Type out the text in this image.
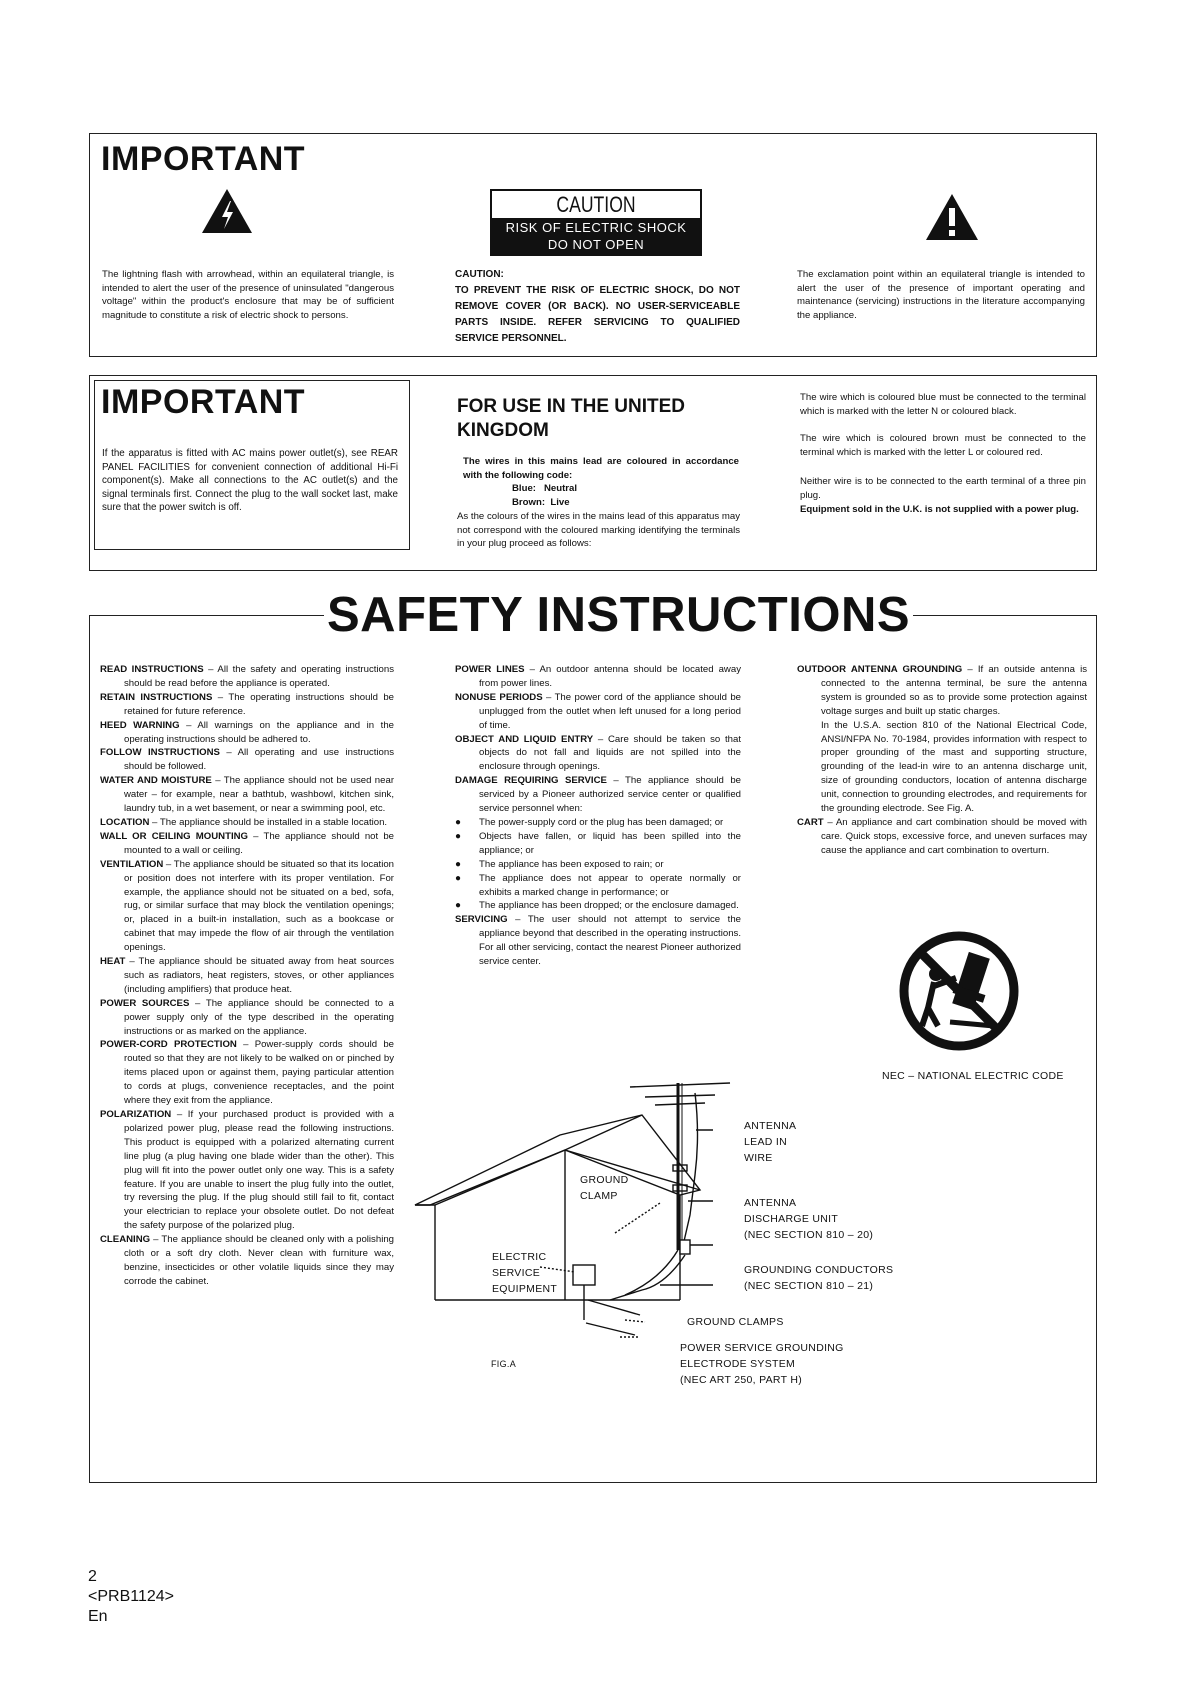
IMPORTANT

The lightning flash with arrowhead, within an equilateral triangle, is intended to alert the user of the presence of uninsulated "dangerous voltage" within the product's enclosure that may be of sufficient magnitude to constitute a risk of electric shock to persons.

CAUTION
RISK OF ELECTRIC SHOCK
DO NOT OPEN

CAUTION:

TO PREVENT THE RISK OF ELECTRIC SHOCK, DO NOT REMOVE COVER (OR BACK). NO USER-SERVICEABLE PARTS INSIDE. REFER SERVICING TO QUALIFIED SERVICE PERSONNEL.

The exclamation point within an equilateral triangle is intended to alert the user of the presence of important operating and maintenance (servicing) instructions in the literature accompanying the appliance.

IMPORTANT

If the apparatus is fitted with AC mains power outlet(s), see REAR PANEL FACILITIES for convenient connection of additional Hi-Fi component(s). Make all connections to the AC outlet(s) and the signal terminals first. Connect the plug to the wall socket last, make sure that the power switch is off.

FOR USE IN THE UNITED KINGDOM

The wires in this mains lead are coloured in accordance with the following code:

Blue:   Neutral

Brown:  Live

As the colours of the wires in the mains lead of this apparatus may not correspond with the coloured marking identifying the terminals in your plug proceed as follows:

The wire which is coloured blue must be connected to the terminal which is marked with the letter N or coloured black.

The wire which is coloured brown must be connected to the terminal which is marked with the letter L or coloured red.

Neither wire is to be connected to the earth terminal of a three pin plug.

Equipment sold in the U.K. is not supplied with a power plug.

SAFETY INSTRUCTIONS

READ INSTRUCTIONS – All the safety and operating instructions should be read before the appliance is operated.

RETAIN INSTRUCTIONS – The operating instructions should be retained for future reference.

HEED WARNING – All warnings on the appliance and in the operating instructions should be adhered to.

FOLLOW INSTRUCTIONS – All operating and use instructions should be followed.

WATER AND MOISTURE – The appliance should not be used near water – for example, near a bathtub, washbowl, kitchen sink, laundry tub, in a wet basement, or near a swimming pool, etc.

LOCATION – The appliance should be installed in a stable location.

WALL OR CEILING MOUNTING – The appliance should not be mounted to a wall or ceiling.

VENTILATION – The appliance should be situated so that its location or position does not interfere with its proper ventilation. For example, the appliance should not be situated on a bed, sofa, rug, or similar surface that may block the ventilation openings; or, placed in a built-in installation, such as a bookcase or cabinet that may impede the flow of air through the ventilation openings.

HEAT – The appliance should be situated away from heat sources such as radiators, heat registers, stoves, or other appliances (including amplifiers) that produce heat.

POWER SOURCES – The appliance should be connected to a power supply only of the type described in the operating instructions or as marked on the appliance.

POWER-CORD PROTECTION – Power-supply cords should be routed so that they are not likely to be walked on or pinched by items placed upon or against them, paying particular attention to cords at plugs, convenience receptacles, and the point where they exit from the appliance.

POLARIZATION – If your purchased product is provided with a polarized power plug, please read the following instructions. This product is equipped with a polarized alternating current line plug (a plug having one blade wider than the other). This plug will fit into the power outlet only one way. This is a safety feature. If you are unable to insert the plug fully into the outlet, try reversing the plug. If the plug should still fail to fit, contact your electrician to replace your obsolete outlet. Do not defeat the safety purpose of the polarized plug.

CLEANING – The appliance should be cleaned only with a polishing cloth or a soft dry cloth. Never clean with furniture wax, benzine, insecticides or other volatile liquids since they may corrode the cabinet.

POWER LINES – An outdoor antenna should be located away from power lines.

NONUSE PERIODS – The power cord of the appliance should be unplugged from the outlet when left unused for a long period of time.

OBJECT AND LIQUID ENTRY – Care should be taken so that objects do not fall and liquids are not spilled into the enclosure through openings.

DAMAGE REQUIRING SERVICE – The appliance should be serviced by a Pioneer authorized service center or qualified service personnel when:

● The power-supply cord or the plug has been damaged; or

● Objects have fallen, or liquid has been spilled into the appliance; or

● The appliance has been exposed to rain; or

● The appliance does not appear to operate normally or exhibits a marked change in performance; or

● The appliance has been dropped; or the enclosure damaged.

SERVICING – The user should not attempt to service the appliance beyond that described in the operating instructions. For all other servicing, contact the nearest Pioneer authorized service center.

OUTDOOR ANTENNA GROUNDING – If an outside antenna is connected to the antenna terminal, be sure the antenna system is grounded so as to provide some protection against voltage surges and built up static charges.

In the U.S.A. section 810 of the National Electrical Code, ANSI/NFPA No. 70-1984, provides information with respect to proper grounding of the mast and supporting structure, grounding of the lead-in wire to an antenna discharge unit, size of grounding conductors, location of antenna discharge unit, connection to grounding electrodes, and requirements for the grounding electrode. See Fig. A.

CART – An appliance and cart combination should be moved with care. Quick stops, excessive force, and uneven surfaces may cause the appliance and cart combination to overturn.

NEC – NATIONAL ELECTRIC CODE

ANTENNA
LEAD IN
WIRE
GROUND
CLAMP
ANTENNA
DISCHARGE UNIT
(NEC SECTION 810 – 20)
ELECTRIC
SERVICE
EQUIPMENT
GROUNDING CONDUCTORS
(NEC SECTION 810 – 21)

GROUND CLAMPS

POWER SERVICE GROUNDING
ELECTRODE SYSTEM
(NEC ART 250, PART H)

FIG.A

2
<PRB1124>
En
